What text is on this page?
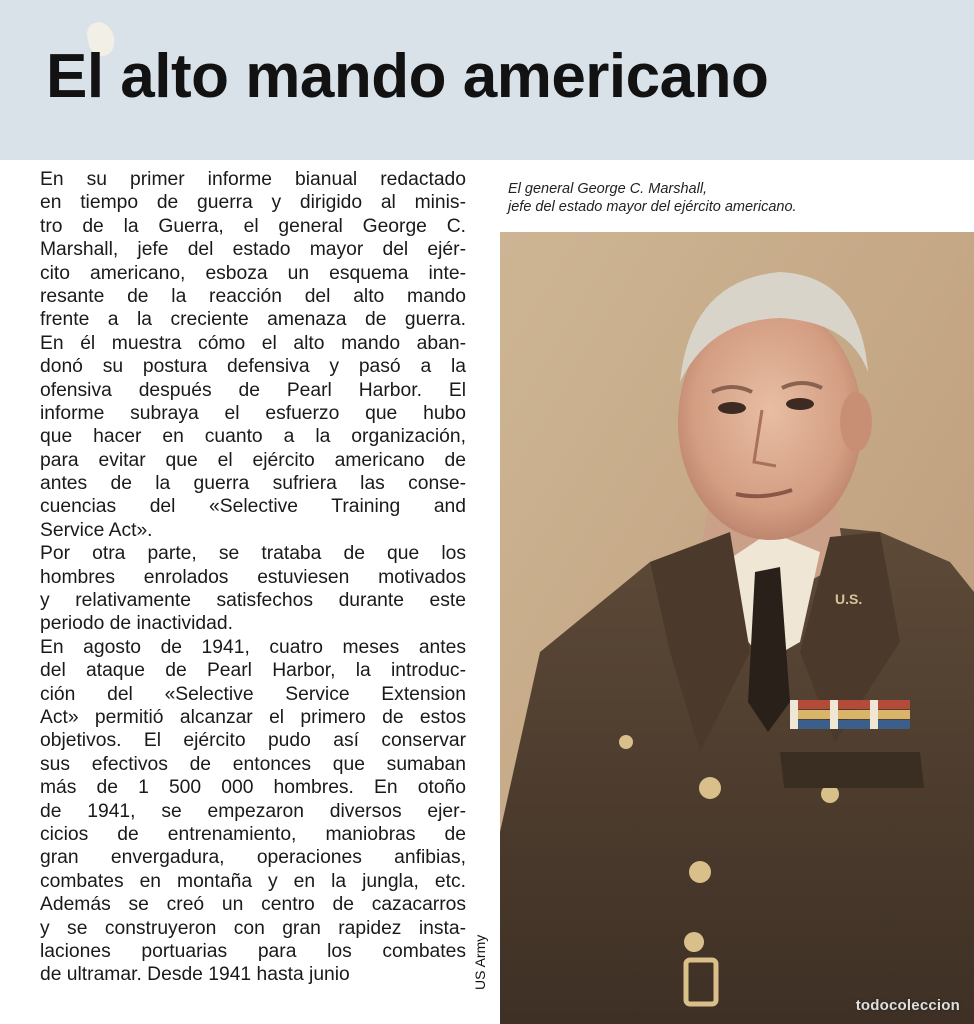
El alto mando americano
En su primer informe bianual redactado
en tiempo de guerra y dirigido al minis-
tro de la Guerra, el general George C.
Marshall, jefe del estado mayor del ejér-
cito americano, esboza un esquema inte-
resante de la reacción del alto mando
frente a la creciente amenaza de guerra.
En él muestra cómo el alto mando aban-
donó su postura defensiva y pasó a la
ofensiva después de Pearl Harbor. El
informe subraya el esfuerzo que hubo
que hacer en cuanto a la organización,
para evitar que el ejército americano de
antes de la guerra sufriera las conse-
cuencias del «Selective Training and
Service Act».
Por otra parte, se trataba de que los
hombres enrolados estuviesen motivados
y relativamente satisfechos durante este
periodo de inactividad.
En agosto de 1941, cuatro meses antes
del ataque de Pearl Harbor, la introduc-
ción del «Selective Service Extension
Act» permitió alcanzar el primero de estos
objetivos. El ejército pudo así conservar
sus efectivos de entonces que sumaban
más de 1 500 000 hombres. En otoño
de 1941, se empezaron diversos ejer-
cicios de entrenamiento, maniobras de
gran envergadura, operaciones anfibias,
combates en montaña y en la jungla, etc.
Además se creó un centro de cazacarros
y se construyeron con gran rapidez insta-
laciones portuarias para los combates
de ultramar. Desde 1941 hasta junio
El general George C. Marshall,
jefe del estado mayor del ejército americano.
U.S.
US Army
todocoleccion
